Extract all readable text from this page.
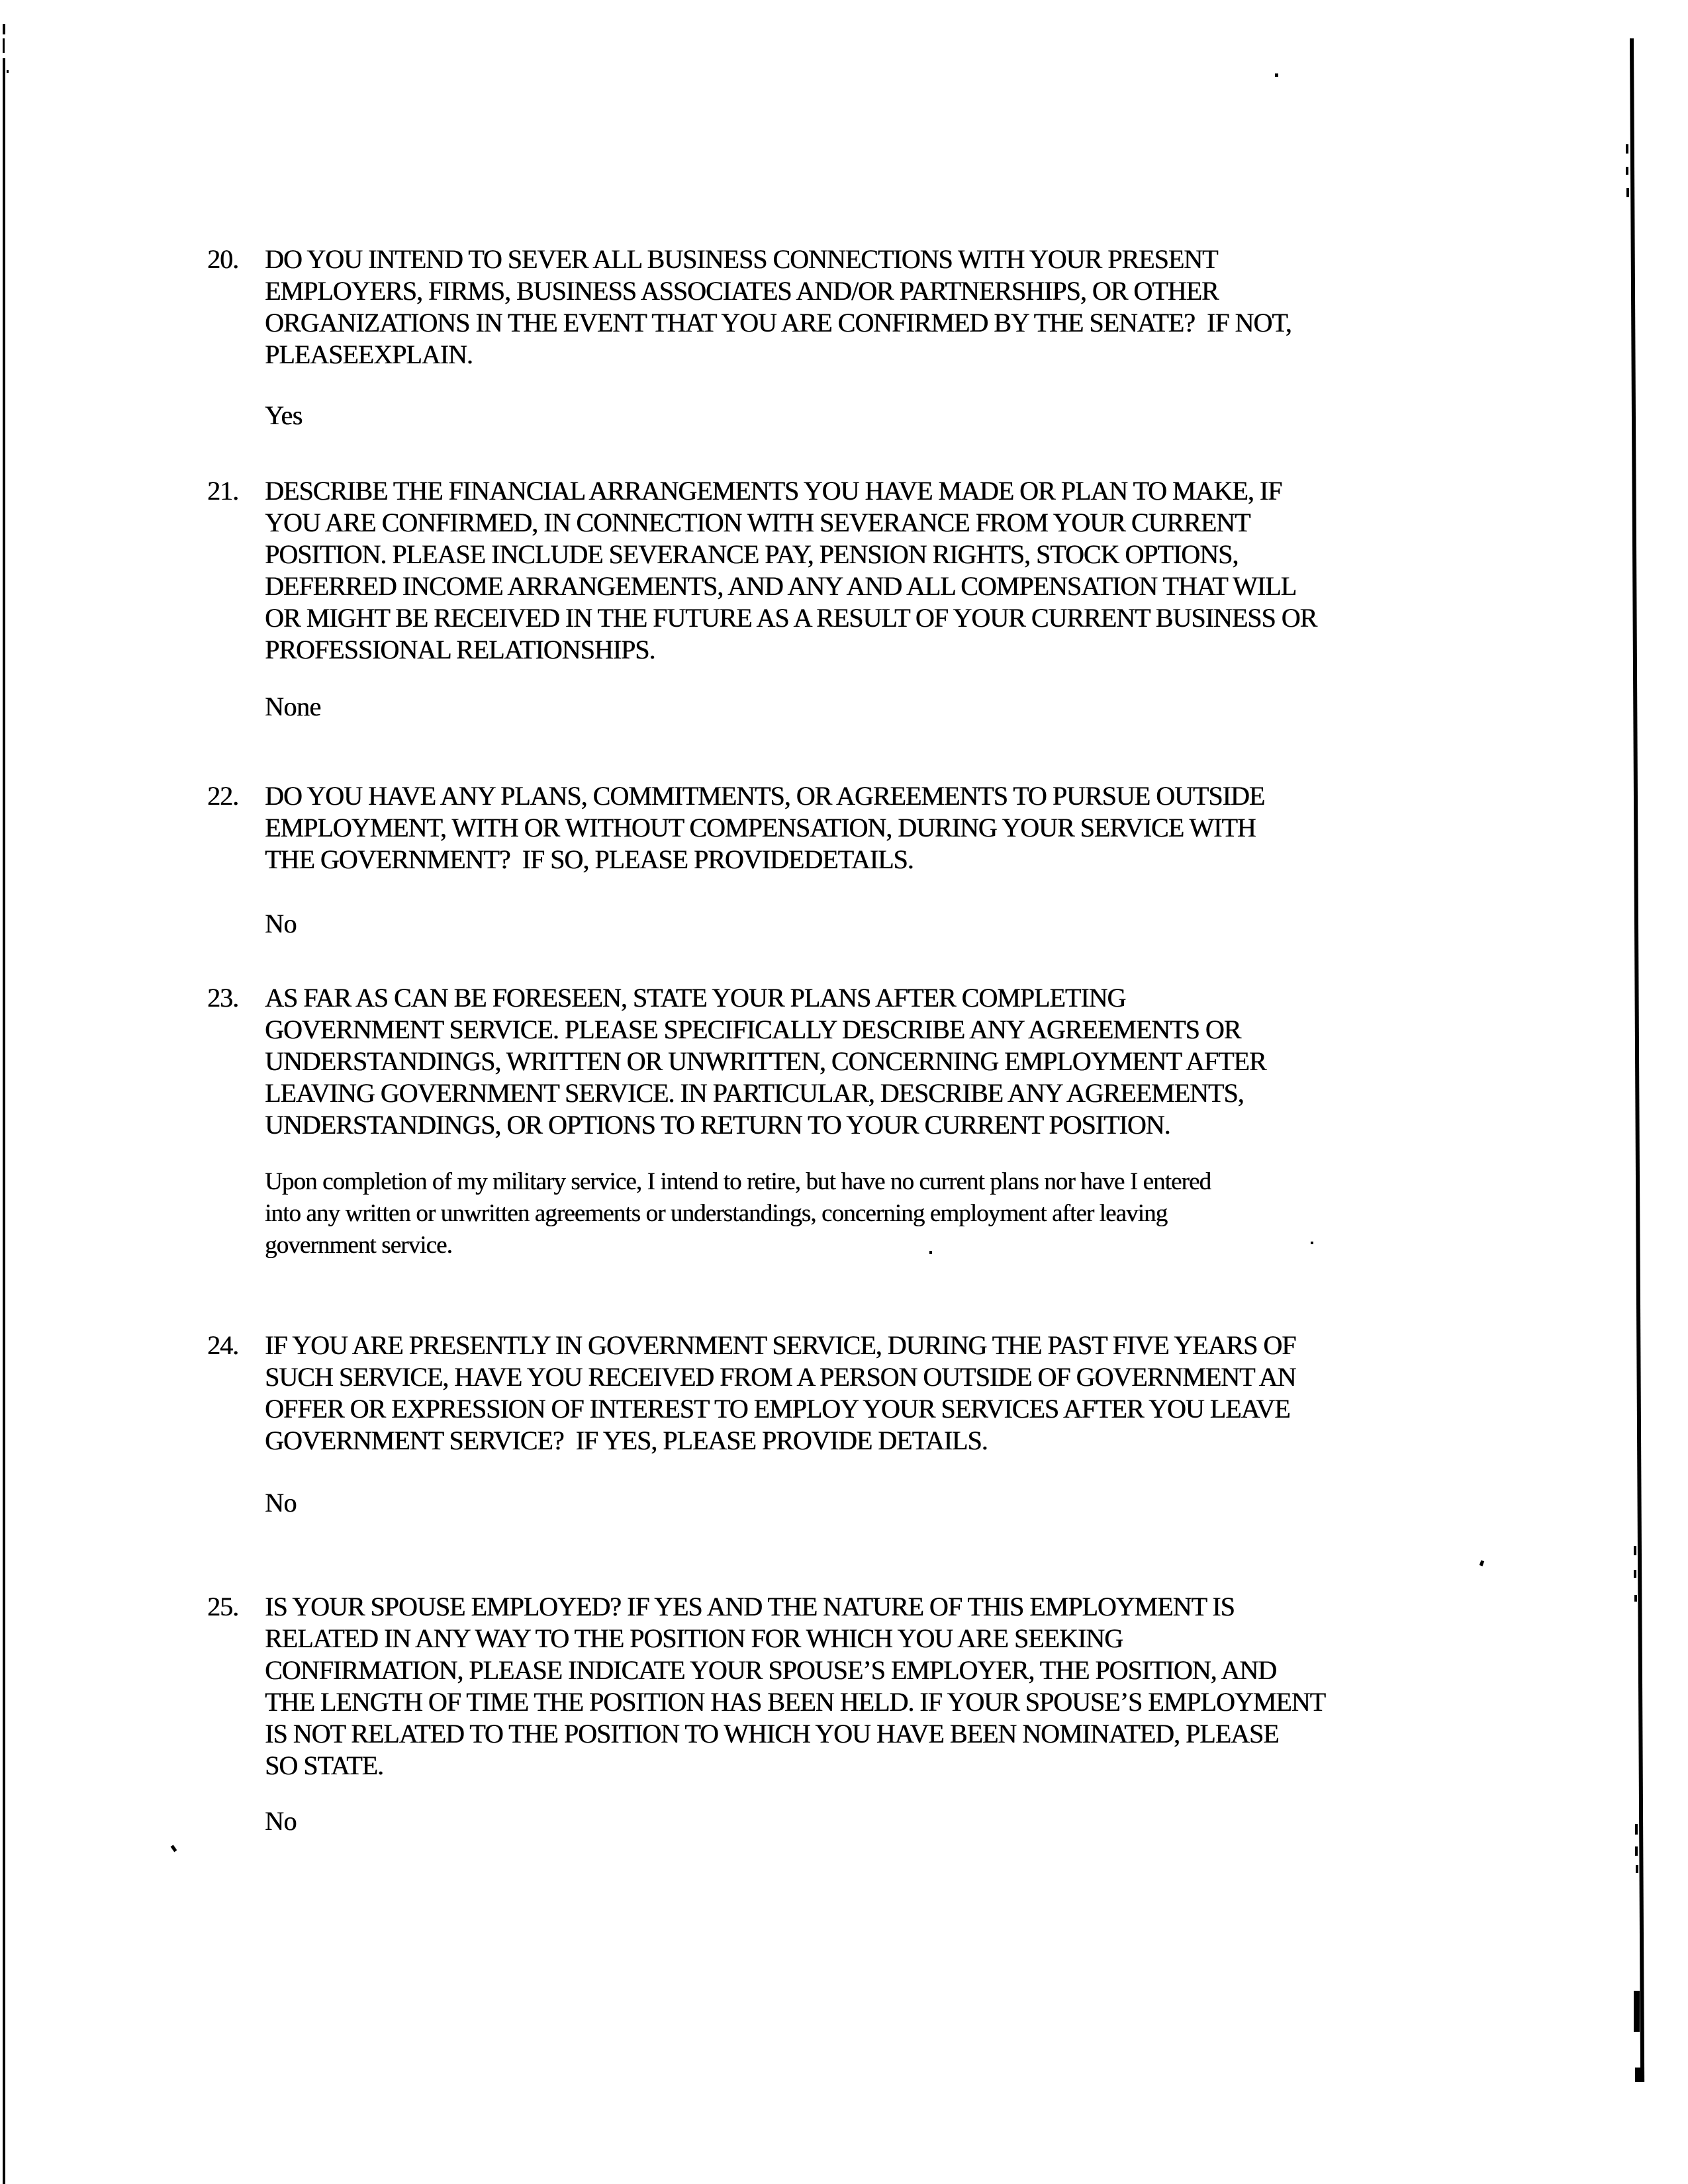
20. DO YOU INTEND TO SEVER ALL BUSINESS CONNECTIONS WITH YOUR PRESENT
EMPLOYERS, FIRMS, BUSINESS ASSOCIATES AND/OR PARTNERSHIPS, OR OTHER
ORGANIZATIONS IN THE EVENT THAT YOU ARE CONFIRMED BY THE SENATE?  IF NOT,
PLEASEEXPLAIN.
Yes
21. DESCRIBE THE FINANCIAL ARRANGEMENTS YOU HAVE MADE OR PLAN TO MAKE, IF
YOU ARE CONFIRMED, IN CONNECTION WITH SEVERANCE FROM YOUR CURRENT
POSITION. PLEASE INCLUDE SEVERANCE PAY, PENSION RIGHTS, STOCK OPTIONS,
DEFERRED INCOME ARRANGEMENTS, AND ANY AND ALL COMPENSATION THAT WILL
OR MIGHT BE RECEIVED IN THE FUTURE AS A RESULT OF YOUR CURRENT BUSINESS OR
PROFESSIONAL RELATIONSHIPS.
None
22. DO YOU HAVE ANY PLANS, COMMITMENTS, OR AGREEMENTS TO PURSUE OUTSIDE
EMPLOYMENT, WITH OR WITHOUT COMPENSATION, DURING YOUR SERVICE WITH
THE GOVERNMENT?  IF SO, PLEASE PROVIDEDETAILS.
No
23. AS FAR AS CAN BE FORESEEN, STATE YOUR PLANS AFTER COMPLETING
GOVERNMENT SERVICE. PLEASE SPECIFICALLY DESCRIBE ANY AGREEMENTS OR
UNDERSTANDINGS, WRITTEN OR UNWRITTEN, CONCERNING EMPLOYMENT AFTER
LEAVING GOVERNMENT SERVICE. IN PARTICULAR, DESCRIBE ANY AGREEMENTS,
UNDERSTANDINGS, OR OPTIONS TO RETURN TO YOUR CURRENT POSITION.
Upon completion of my military service, I intend to retire, but have no current plans nor have I entered
into any written or unwritten agreements or understandings, concerning employment after leaving
government service.
24. IF YOU ARE PRESENTLY IN GOVERNMENT SERVICE, DURING THE PAST FIVE YEARS OF
SUCH SERVICE, HAVE YOU RECEIVED FROM A PERSON OUTSIDE OF GOVERNMENT AN
OFFER OR EXPRESSION OF INTEREST TO EMPLOY YOUR SERVICES AFTER YOU LEAVE
GOVERNMENT SERVICE?  IF YES, PLEASE PROVIDE DETAILS.
No
25. IS YOUR SPOUSE EMPLOYED? IF YES AND THE NATURE OF THIS EMPLOYMENT IS
RELATED IN ANY WAY TO THE POSITION FOR WHICH YOU ARE SEEKING
CONFIRMATION, PLEASE INDICATE YOUR SPOUSE’S EMPLOYER, THE POSITION, AND
THE LENGTH OF TIME THE POSITION HAS BEEN HELD. IF YOUR SPOUSE’S EMPLOYMENT
IS NOT RELATED TO THE POSITION TO WHICH YOU HAVE BEEN NOMINATED, PLEASE
SO STATE.
No
